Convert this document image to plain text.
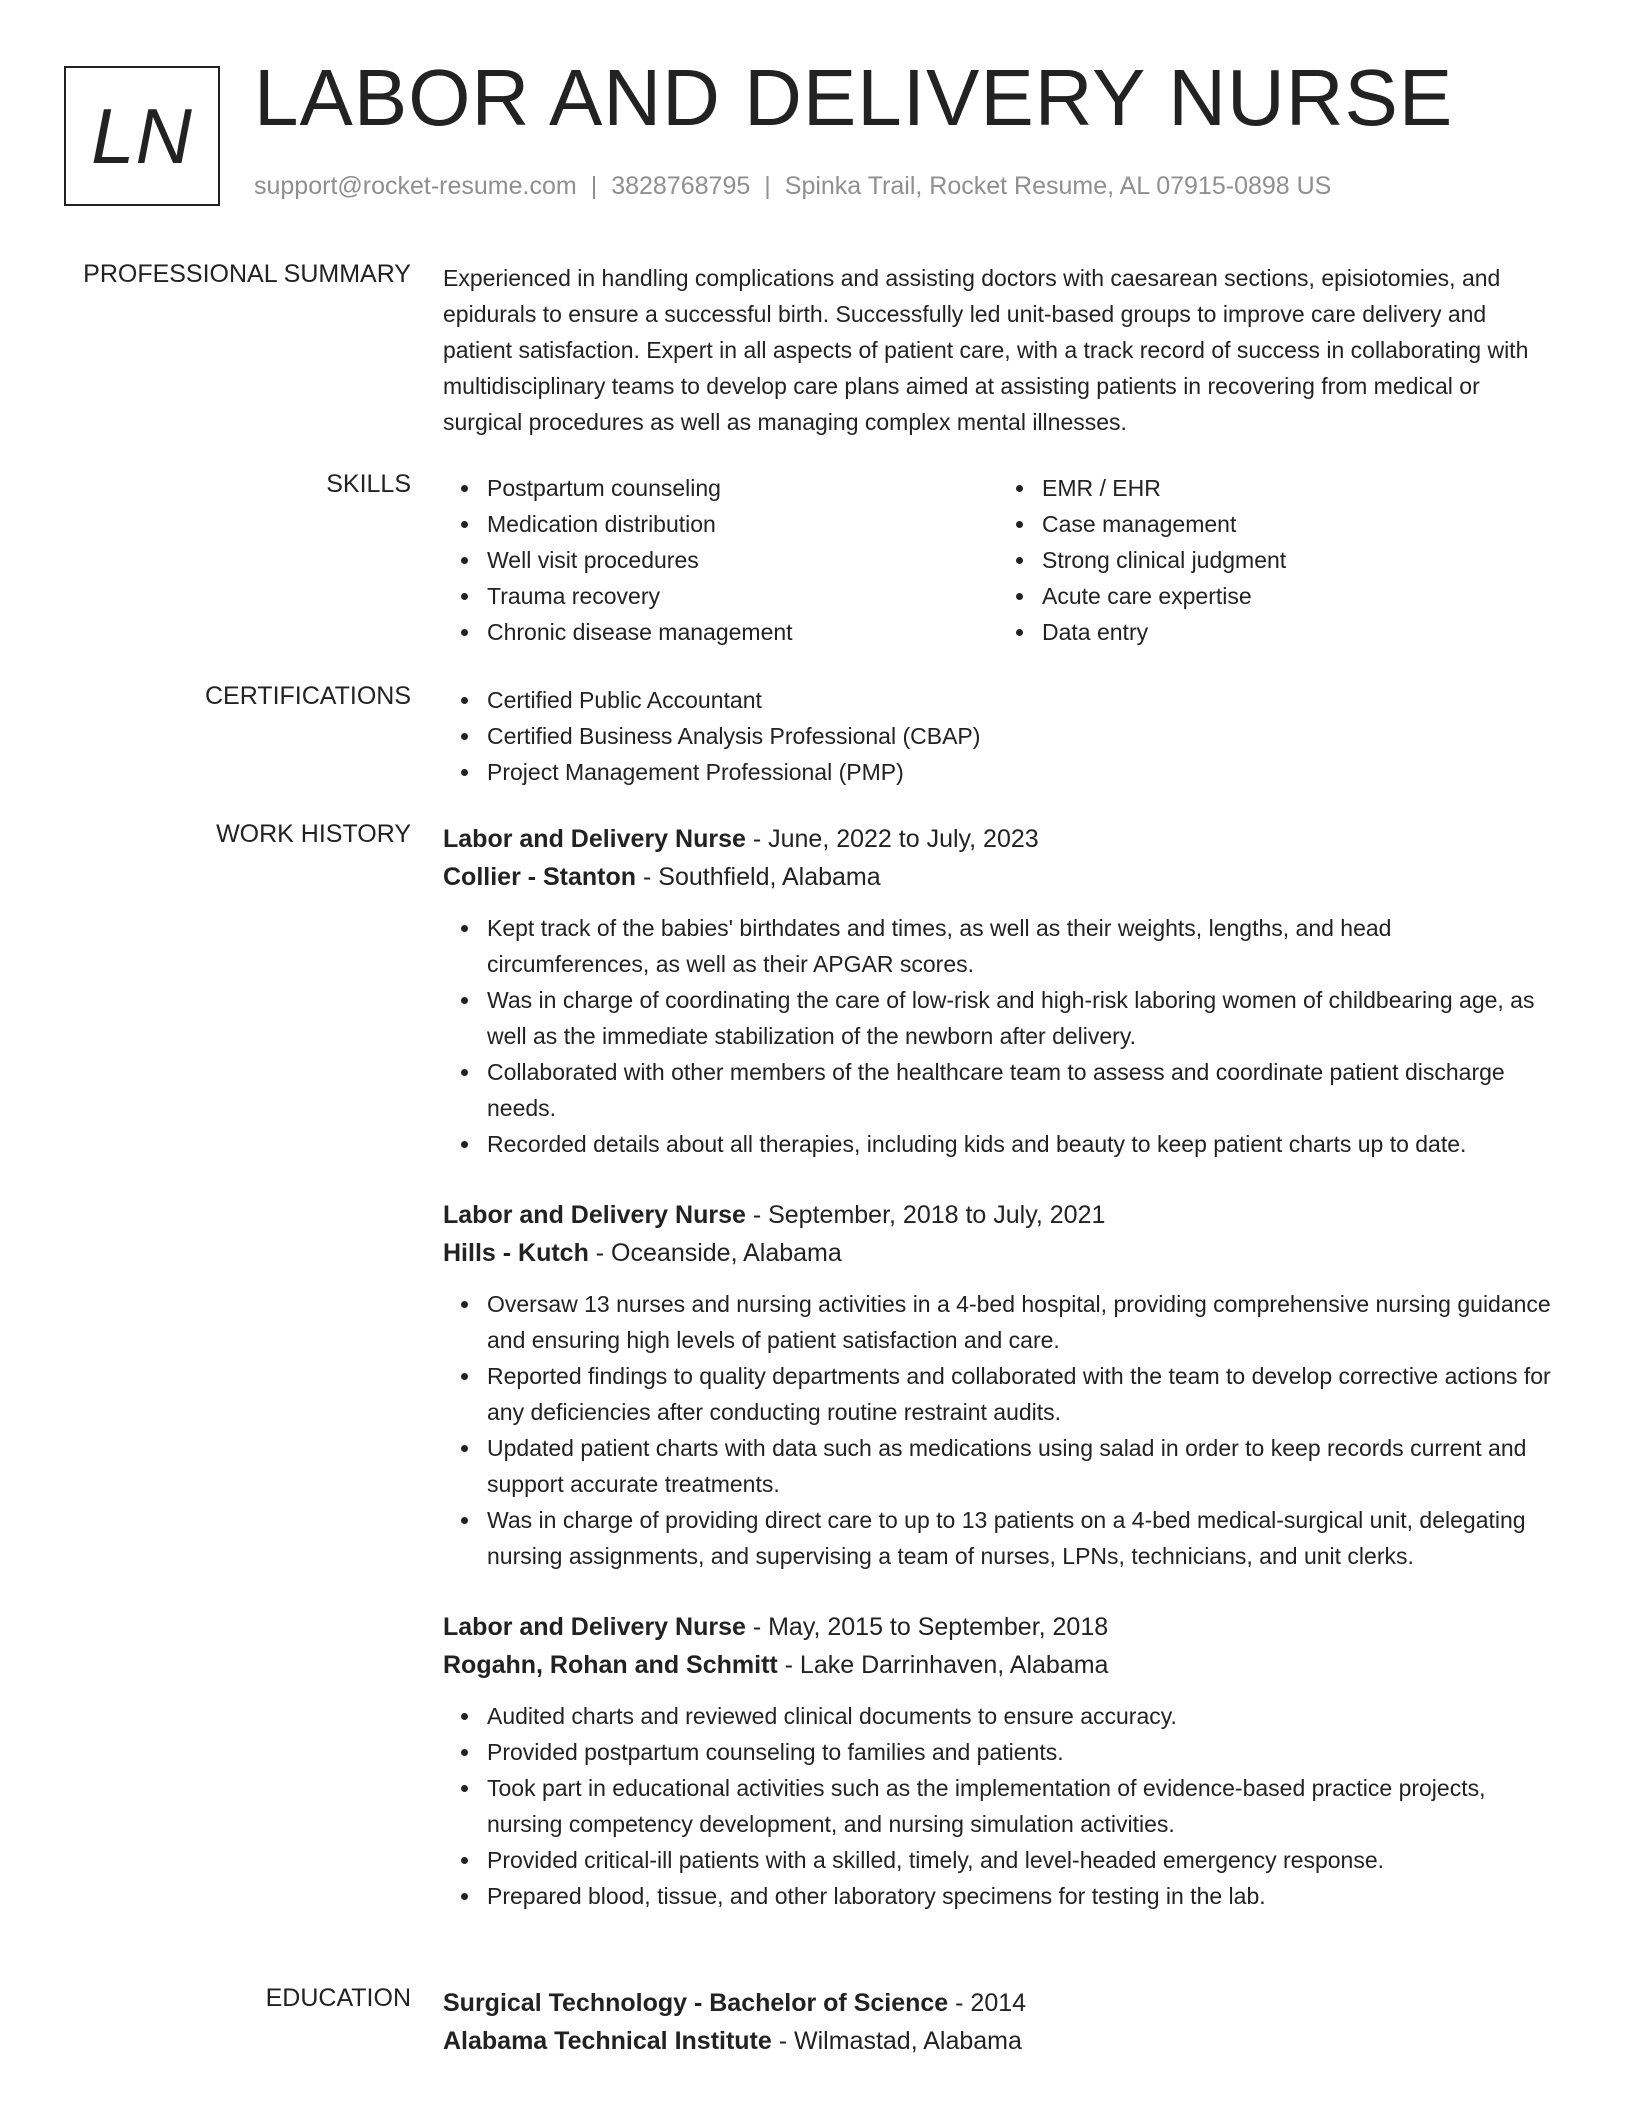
LN LABOR AND DELIVERY NURSE
support@rocket-resume.com | 3828768795 | Spinka Trail, Rocket Resume, AL 07915-0898 US
PROFESSIONAL SUMMARY Experienced in handling complications and assisting doctors with caesarean sections, episiotomies, and epidurals to ensure a successful birth. Successfully led unit-based groups to improve care delivery and patient satisfaction. Expert in all aspects of patient care, with a track record of success in collaborating with multidisciplinary teams to develop care plans aimed at assisting patients in recovering from medical or surgical procedures as well as managing complex mental illnesses.

SKILLS	Postpartum counseling
Medication distribution
Well visit procedures
Trauma recovery
Chronic disease management
EMR / EHR
Case management
Strong clinical judgment
Acute care expertise
Data entry
CERTIFICATIONS	Certified Public Accountant
Certified Business Analysis Professional (CBAP)
Project Management Professional (PMP)
WORK HISTORY Labor and Delivery Nurse - June, 2022 to July, 2023
Collier - Stanton - Southfield, Alabama
Kept track of the babies' birthdates and times, as well as their weights, lengths, and head circumferences, as well as their APGAR scores.
Was in charge of coordinating the care of low-risk and high-risk laboring women of childbearing age, as well as the immediate stabilization of the newborn after delivery.
Collaborated with other members of the healthcare team to assess and coordinate patient discharge needs.
Recorded details about all therapies, including kids and beauty to keep patient charts up to date.
Labor and Delivery Nurse - September, 2018 to July, 2021
Hills - Kutch - Oceanside, Alabama
Oversaw 13 nurses and nursing activities in a 4-bed hospital, providing comprehensive nursing guidance and ensuring high levels of patient satisfaction and care.
Reported findings to quality departments and collaborated with the team to develop corrective actions for any deficiencies after conducting routine restraint audits.
Updated patient charts with data such as medications using salad in order to keep records current and support accurate treatments.
Was in charge of providing direct care to up to 13 patients on a 4-bed medical-surgical unit, delegating nursing assignments, and supervising a team of nurses, LPNs, technicians, and unit clerks.
Labor and Delivery Nurse - May, 2015 to September, 2018
Rogahn, Rohan and Schmitt - Lake Darrinhaven, Alabama
Audited charts and reviewed clinical documents to ensure accuracy.
Provided postpartum counseling to families and patients.
Took part in educational activities such as the implementation of evidence-based practice projects, nursing competency development, and nursing simulation activities.
Provided critical-ill patients with a skilled, timely, and level-headed emergency response.
Prepared blood, tissue, and other laboratory specimens for testing in the lab.
EDUCATION Surgical Technology - Bachelor of Science - 2014
Alabama Technical Institute - Wilmastad, Alabama
